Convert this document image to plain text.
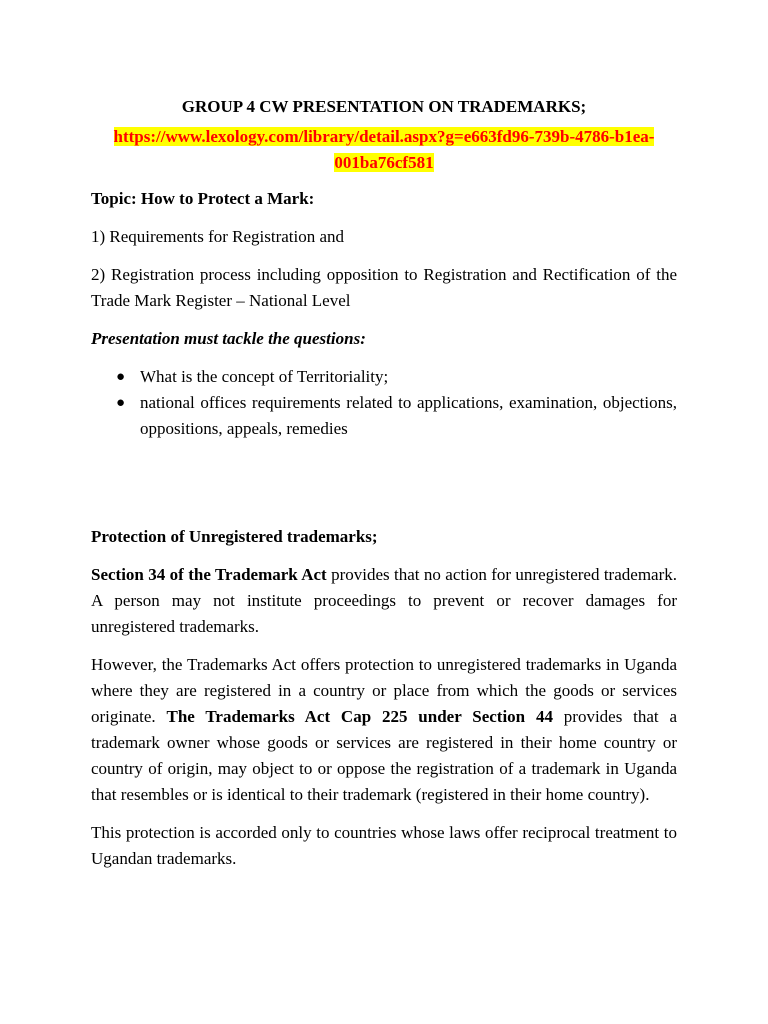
GROUP 4 CW PRESENTATION ON TRADEMARKS;

https://www.lexology.com/library/detail.aspx?g=e663fd96-739b-4786-b1ea-001ba76cf581

Topic: How to Protect a Mark:

1) Requirements for Registration and

2) Registration process including opposition to Registration and Rectification of the Trade Mark Register – National Level

Presentation must tackle the questions:

● What is the concept of Territoriality;
● national offices requirements related to applications, examination, objections, oppositions, appeals, remedies

Protection of Unregistered trademarks;

Section 34 of the Trademark Act provides that no action for unregistered trademark. A person may not institute proceedings to prevent or recover damages for unregistered trademarks.

However, the Trademarks Act offers protection to unregistered trademarks in Uganda where they are registered in a country or place from which the goods or services originate. The Trademarks Act Cap 225 under Section 44 provides that a trademark owner whose goods or services are registered in their home country or country of origin, may object to or oppose the registration of a trademark in Uganda that resembles or is identical to their trademark (registered in their home country).

This protection is accorded only to countries whose laws offer reciprocal treatment to Ugandan trademarks.
